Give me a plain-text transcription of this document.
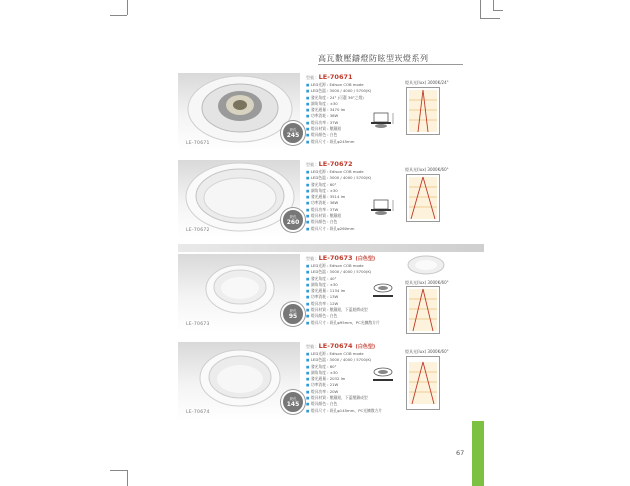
高瓦數壓鑄燈防眩型崁燈系列
LE-70671
崁孔
245
型號 : LE-70671
■ LED光源 : Edison COB mode
■ LED色溫 : 3000 / 4000 / 5700(K)
■ 發光角度 : 24° (可選 36°之燈)
■ 調角角度 : ±30
■ 發光通量 : 3470 lm
■ 功率消耗 : 38W
■ 燈具功率 : 37W
■ 燈具材質 : 壓鑄鋁
■ 燈具顏色 : 白色
■ 燈具尺寸 : 崁孔φ245mm
燈具光(lux) 3000K/24°
LE-70672
崁孔
260
型號 : LE-70672
■ LED光源 : Edison COB mode
■ LED色溫 : 3000 / 4000 / 5700(K)
■ 發光角度 : 60°
■ 調角角度 : ±30
■ 發光通量 : 3514 lm
■ 功率消耗 : 38W
■ 燈具功率 : 37W
■ 燈具材質 : 壓鑄鋁
■ 燈具顏色 : 白色
■ 燈具尺寸 : 崁孔φ260mm
燈具光(lux) 3000K/60°
LE-70673
崁孔
95
型號 : LE-70673 (白色型)
■ LED光源 : Edison COB mode
■ LED色溫 : 3000 / 4000 / 5700(K)
■ 發光角度 : 40°
■ 調角角度 : ±30
■ 發光通量 : 1134 lm
■ 功率消耗 : 13W
■ 燈具功率 : 12W
■ 燈具材質 : 壓鑄鋁，下蓋鋁擠成型
■ 燈具顏色 : 白色
■ 燈具尺寸 : 崁孔φ95mm，PC光擴散方片
燈具光(lux) 3000K/60°
LE-70674
崁孔
145
型號 : LE-70674 (白色型)
■ LED光源 : Edison COB mode
■ LED色溫 : 3000 / 4000 / 5700(K)
■ 發光角度 : 60°
■ 調角角度 : ±30
■ 發光通量 : 2032 lm
■ 功率消耗 : 21W
■ 燈具功率 : 20W
■ 燈具材質 : 壓鑄鋁，下蓋壓鑄成型
■ 燈具顏色 : 白色
■ 燈具尺寸 : 崁孔φ145mm，PC光擴散方片
燈具光(lux) 3000K/60°
67
